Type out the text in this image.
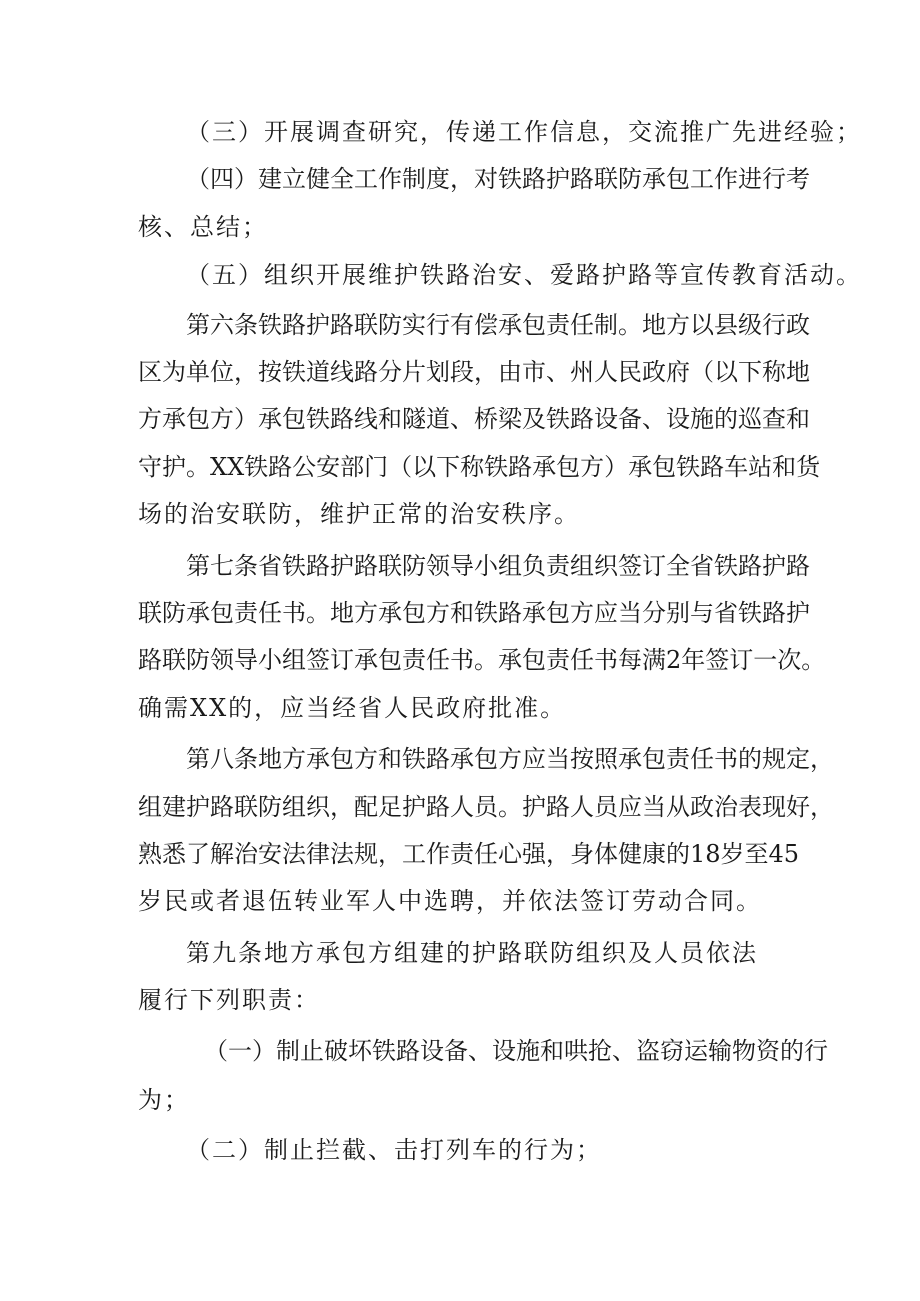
（三）开展调查研究，传递工作信息，交流推广先进经验；

（四）建立健全工作制度，对铁路护路联防承包工作进行考

核、总结；

（五）组织开展维护铁路治安、爱路护路等宣传教育活动。

第六条铁路护路联防实行有偿承包责任制。地方以县级行政

区为单位，按铁道线路分片划段，由市、州人民政府（以下称地

方承包方）承包铁路线和隧道、桥梁及铁路设备、设施的巡查和

守护。XX铁路公安部门（以下称铁路承包方）承包铁路车站和货

场的治安联防，维护正常的治安秩序。

第七条省铁路护路联防领导小组负责组织签订全省铁路护路

联防承包责任书。地方承包方和铁路承包方应当分别与省铁路护

路联防领导小组签订承包责任书。承包责任书每满2年签订一次。

确需XX的，应当经省人民政府批准。

第八条地方承包方和铁路承包方应当按照承包责任书的规定，

组建护路联防组织，配足护路人员。护路人员应当从政治表现好，

熟悉了解治安法律法规，工作责任心强，身体健康的18岁至45

岁民或者退伍转业军人中选聘，并依法签订劳动合同。

第九条地方承包方组建的护路联防组织及人员依法

履行下列职责：

（一）制止破坏铁路设备、设施和哄抢、盗窃运输物资的行

为；

（二）制止拦截、击打列车的行为；
